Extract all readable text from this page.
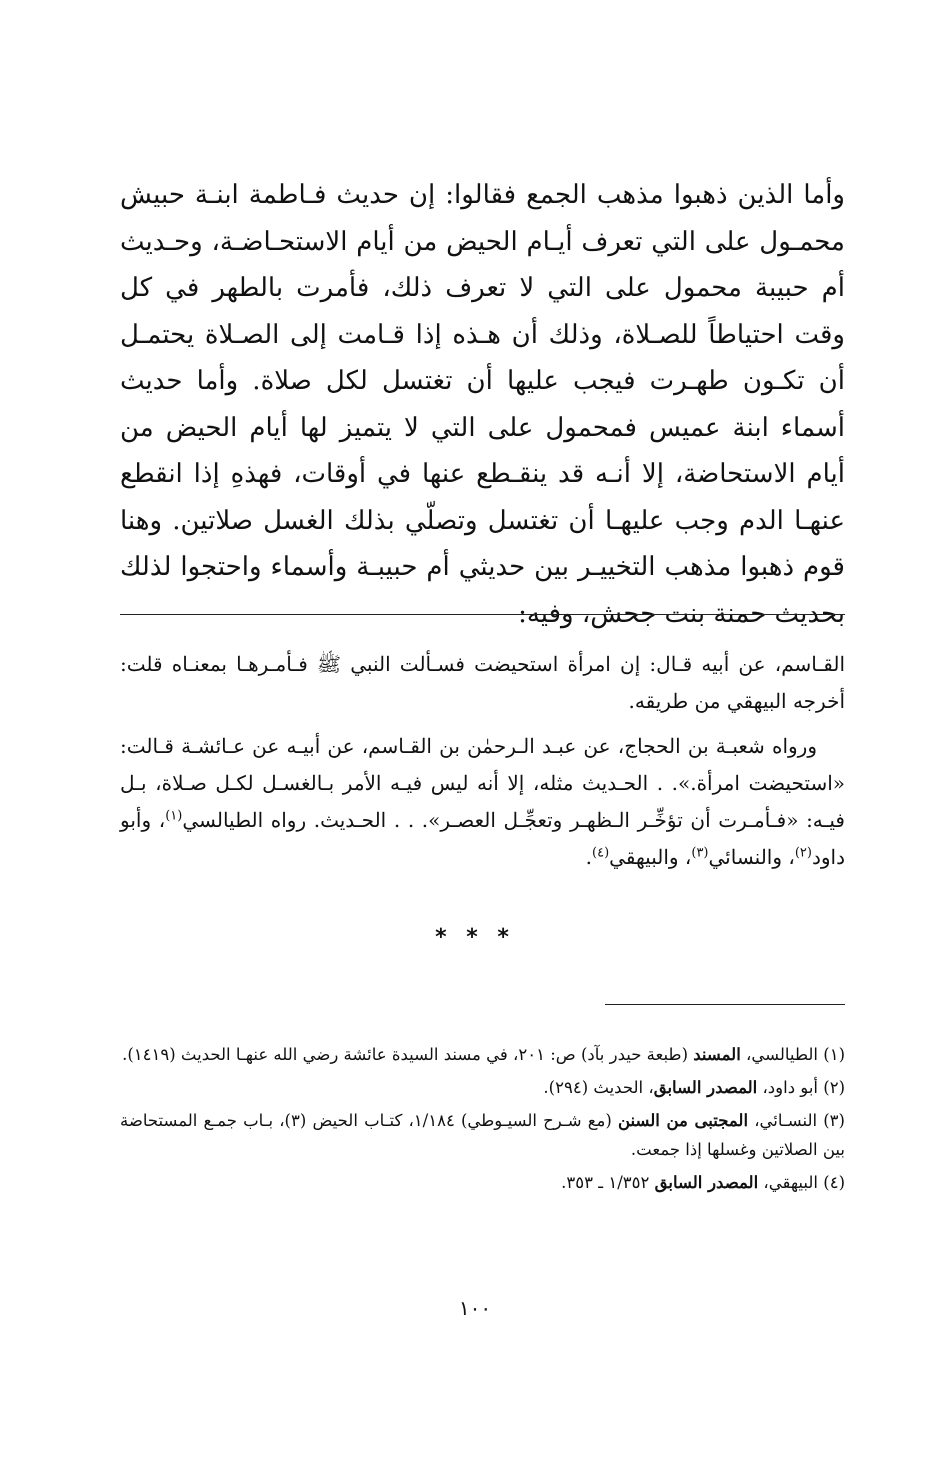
وأما الذين ذهبوا مذهب الجمع فقالوا: إن حديث فـاطمة ابنـة حبيش محمـول على التي تعرف أيـام الحيض من أيام الاستحـاضـة، وحـديث أم حبيبة محمول على التي لا تعرف ذلك، فأمرت بالطهر في كل وقت احتياطاً للصـلاة، وذلك أن هـذه إذا قـامت إلى الصـلاة يحتمـل أن تكـون طهـرت فيجب عليها أن تغتسل لكل صلاة. وأما حديث أسماء ابنة عميس فمحمول على التي لا يتميز لها أيام الحيض من أيام الاستحاضة، إلا أنـه قد ينقـطع عنها في أوقات، فهذهِ إذا انقطع عنهـا الدم وجب عليهـا أن تغتسل وتصلّي بذلك الغسل صلاتين. وهنا قوم ذهبوا مذهب التخييـر بين حديثي أم حبيبـة وأسماء واحتجوا لذلك بحديث حمنة بنت جحش، وفيه:

القـاسم، عن أبيه قـال: إن امرأة استحيضت فسـألت النبي ﷺ فـأمـرهـا بمعنـاه قلت: أخرجه البيهقي من طريقه.

ورواه شعبـة بن الحجاج، عن عبـد الـرحمٰن بن القـاسم، عن أبيـه عن عـائشـة قـالت: «استحيضت امرأة.». . الحـديث مثله، إلا أنه ليس فيـه الأمر بـالغسـل لكـل صـلاة، بـل فيـه: «فـأمـرت أن تؤخِّـر الـظهـر وتعجِّـل العصـر». . . الحـديث. رواه الطيالسي$^{(١)}$، وأبو داود$^{(٢)}$، والنسائي$^{(٣)}$، والبيهقي$^{(٤)}$.

* * *

(١) الطيالسي، المسند (طبعة حيدر بآد) ص: ٢٠١، في مسند السيدة عائشة رضي الله عنهـا الحديث (١٤١٩).

(٢) أبو داود، المصدر السابق، الحديث (٢٩٤).

(٣) النسـائي، المجتبى من السنن (مع شـرح السيـوطي) ١/١٨٤، كتـاب الحيض (٣)، بـاب جمـع المستحاضة بين الصلاتين وغسلها إذا جمعت.

(٤) البيهقي، المصدر السابق ١/٣٥٢ ـ ٣٥٣.

١٠٠
